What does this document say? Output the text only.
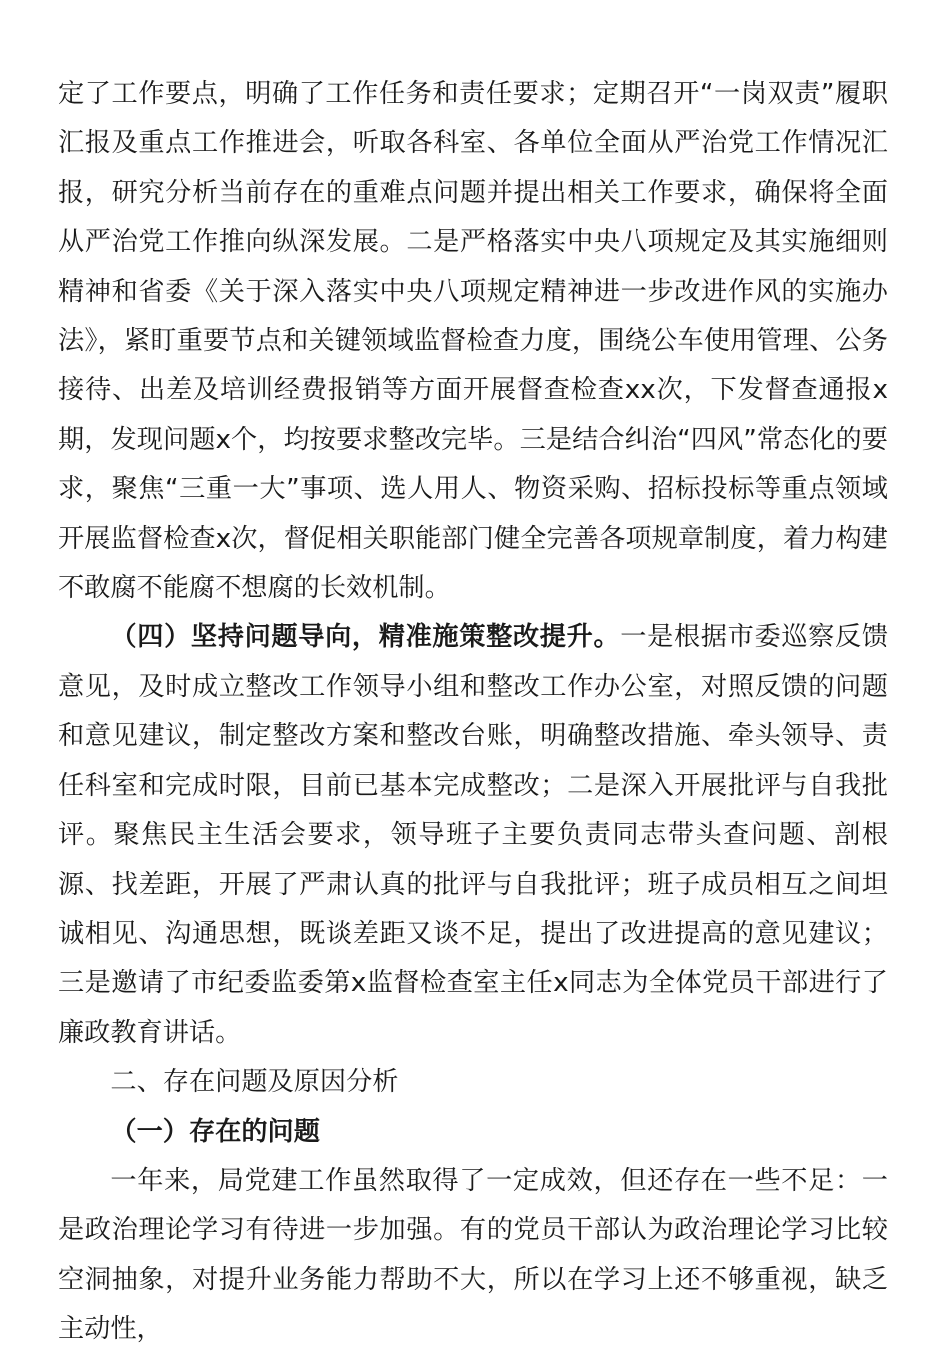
定了工作要点，明确了工作任务和责任要求；定期召开“一岗双责”履职汇报及重点工作推进会，听取各科室、各单位全面从严治党工作情况汇报，研究分析当前存在的重难点问题并提出相关工作要求，确保将全面从严治党工作推向纵深发展。二是严格落实中央八项规定及其实施细则精神和省委《关于深入落实中央八项规定精神进一步改进作风的实施办法》，紧盯重要节点和关键领域监督检查力度，围绕公车使用管理、公务接待、出差及培训经费报销等方面开展督查检查xx次，下发督查通报x期，发现问题x个，均按要求整改完毕。三是结合纠治“四风”常态化的要求，聚焦“三重一大”事项、选人用人、物资采购、招标投标等重点领域开展监督检查x次，督促相关职能部门健全完善各项规章制度，着力构建不敢腐不能腐不想腐的长效机制。

（四）坚持问题导向，精准施策整改提升。一是根据市委巡察反馈意见，及时成立整改工作领导小组和整改工作办公室，对照反馈的问题和意见建议，制定整改方案和整改台账，明确整改措施、牵头领导、责任科室和完成时限，目前已基本完成整改；二是深入开展批评与自我批评。聚焦民主生活会要求，领导班子主要负责同志带头查问题、剖根源、找差距，开展了严肃认真的批评与自我批评；班子成员相互之间坦诚相见、沟通思想，既谈差距又谈不足，提出了改进提高的意见建议；三是邀请了市纪委监委第x监督检查室主任x同志为全体党员干部进行了廉政教育讲话。

二、存在问题及原因分析

（一）存在的问题

一年来，局党建工作虽然取得了一定成效，但还存在一些不足：一是政治理论学习有待进一步加强。有的党员干部认为政治理论学习比较空洞抽象，对提升业务能力帮助不大，所以在学习上还不够重视，缺乏主动性，
